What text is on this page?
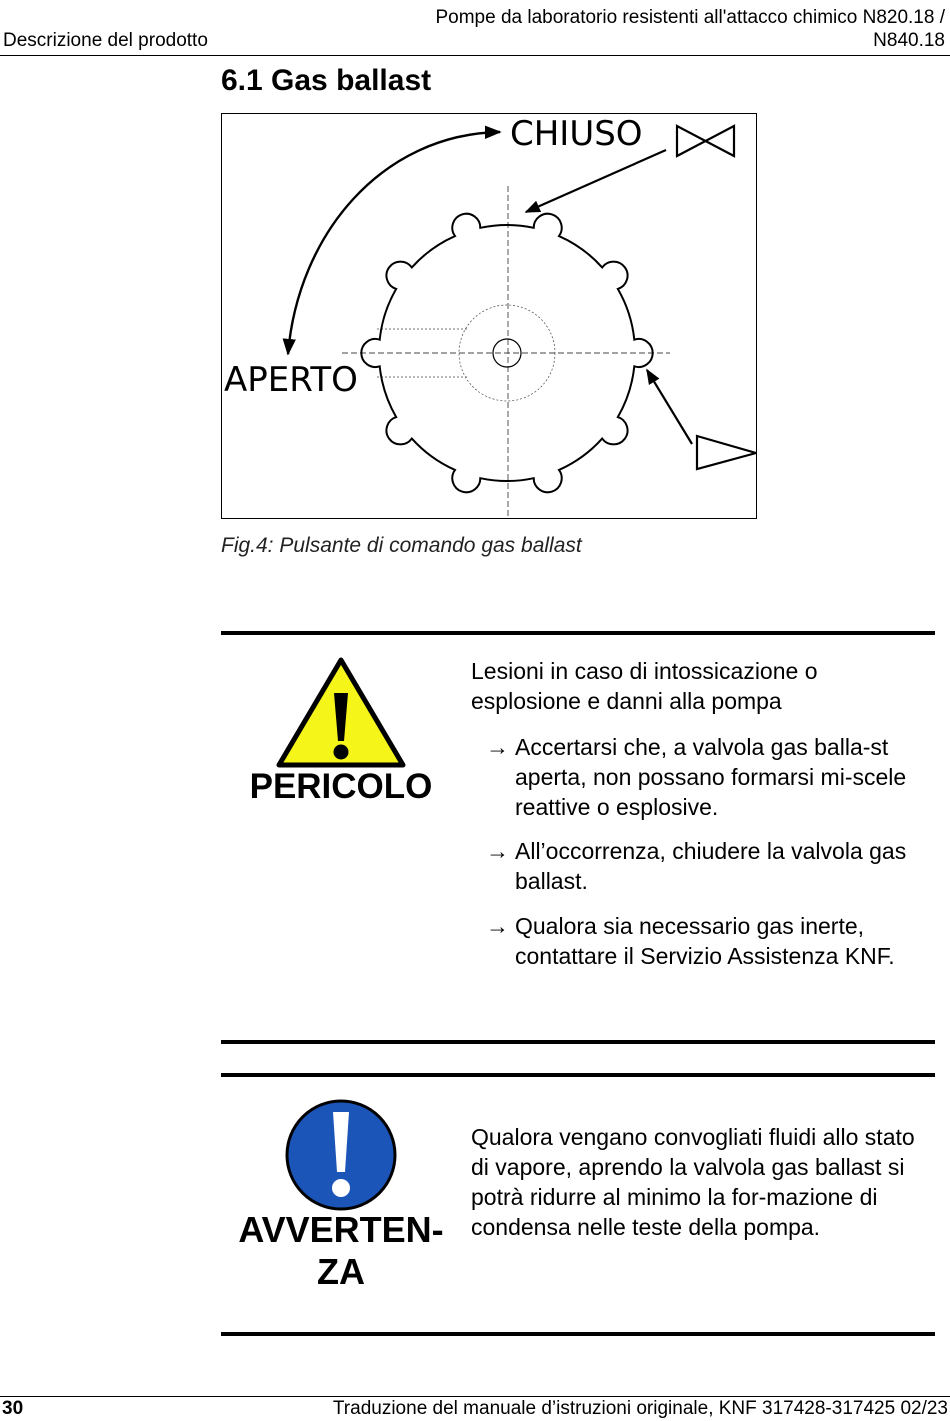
Descrizione del prodotto
Pompe da laboratorio resistenti all'attacco chimico N820.18 /
N840.18
6.1 Gas ballast
CHIUSO
APERTO
Fig.4: Pulsante di comando gas ballast
PERICOLO
Lesioni in caso di intossicazione o esplosione e danni alla pompa
→ Accertarsi che, a valvola gas balla-st aperta, non possano formarsi mi-scele reattive o esplosive.
→ All’occorrenza, chiudere la valvola gas ballast.
→ Qualora sia necessario gas inerte, contattare il Servizio Assistenza KNF.
AVVERTEN-
ZA
Qualora vengano convogliati fluidi allo stato di vapore, aprendo la valvola gas ballast si potrà ridurre al minimo la for-mazione di condensa nelle teste della pompa.
30	Traduzione del manuale d’istruzioni originale, KNF 317428-317425 02/23
